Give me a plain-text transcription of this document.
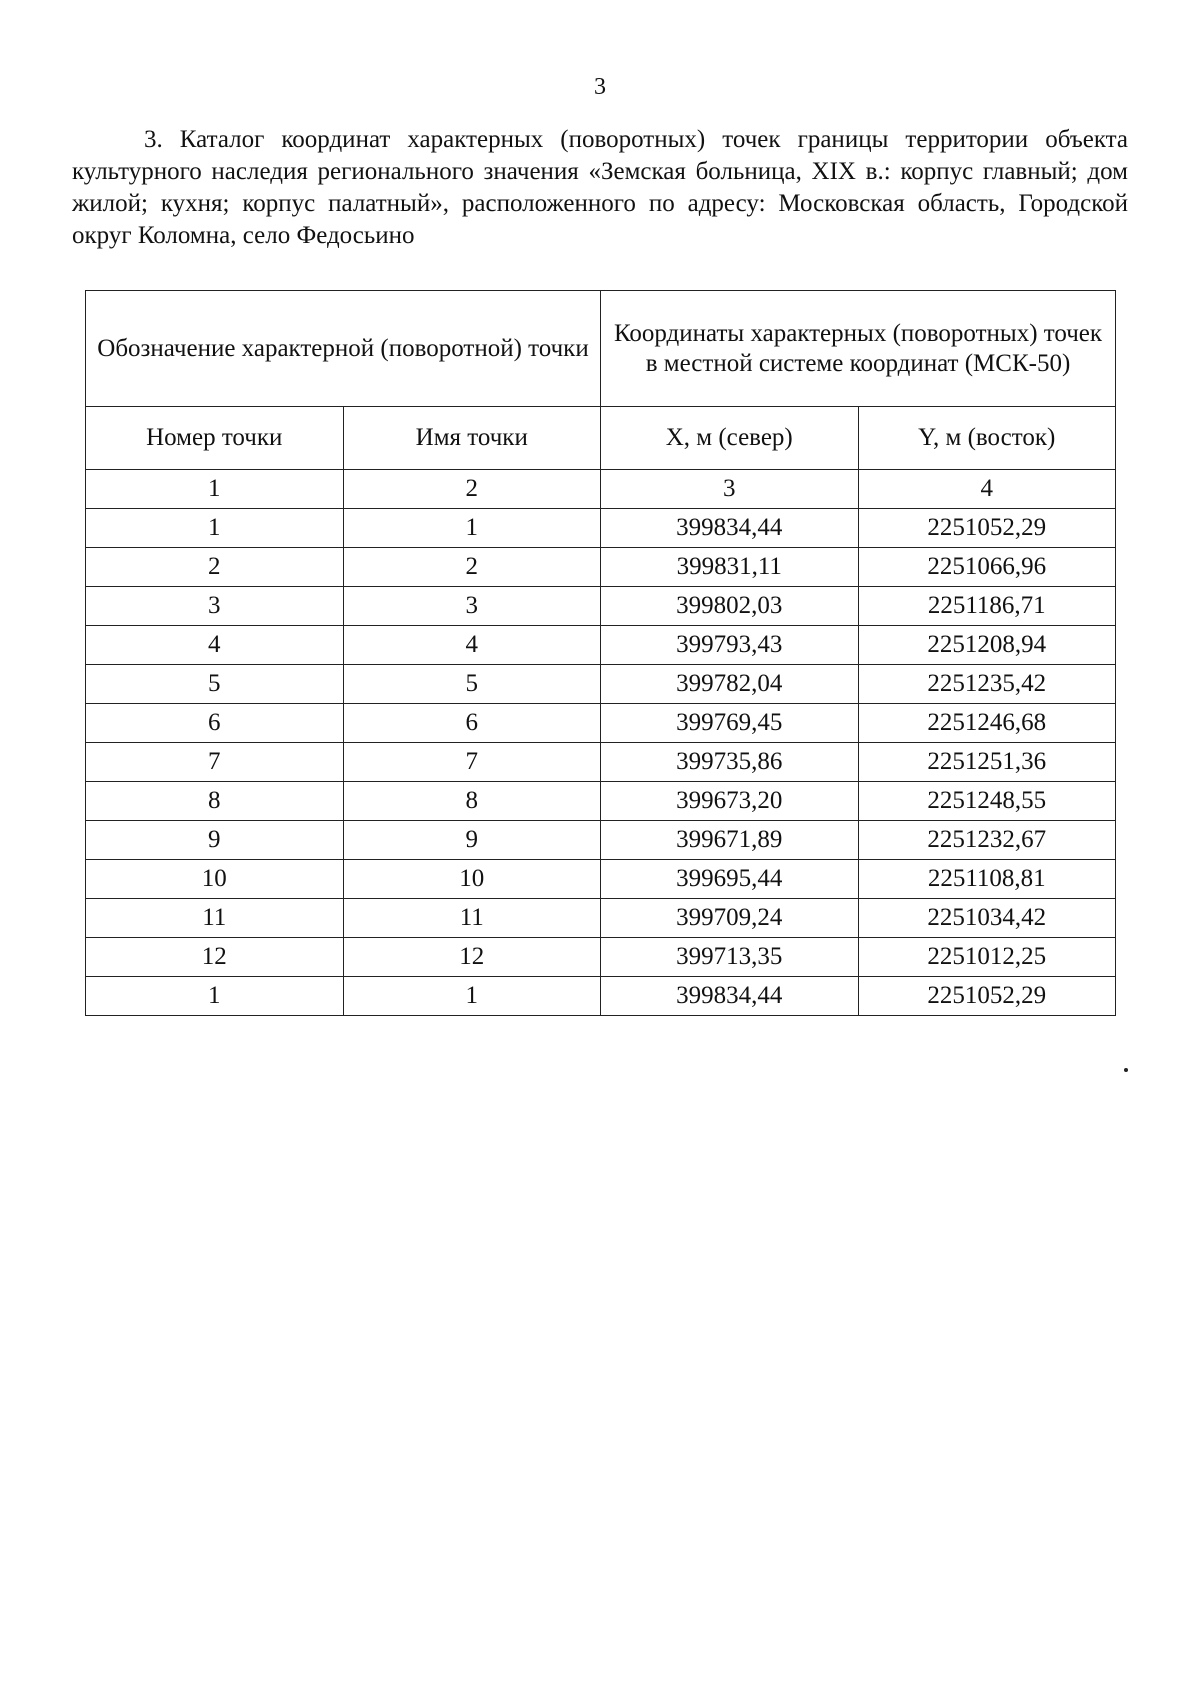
3

3. Каталог координат характерных (поворотных) точек границы территории объекта культурного наследия регионального значения «Земская больница, XIX в.: корпус главный; дом жилой; кухня; корпус палатный», расположенного по адресу: Московская область, Городской округ Коломна, село Федосьино

Обозначение характерной (поворотной) точки		Координаты характерных (поворотных) точек в местной системе координат (МСК-50)	
Номер точки	Имя точки	X, м (север)	Y, м (восток)
1	2	3	4
1	1	399834,44	2251052,29
2	2	399831,11	2251066,96
3	3	399802,03	2251186,71
4	4	399793,43	2251208,94
5	5	399782,04	2251235,42
6	6	399769,45	2251246,68
7	7	399735,86	2251251,36
8	8	399673,20	2251248,55
9	9	399671,89	2251232,67
10	10	399695,44	2251108,81
11	11	399709,24	2251034,42
12	12	399713,35	2251012,25
1	1	399834,44	2251052,29
